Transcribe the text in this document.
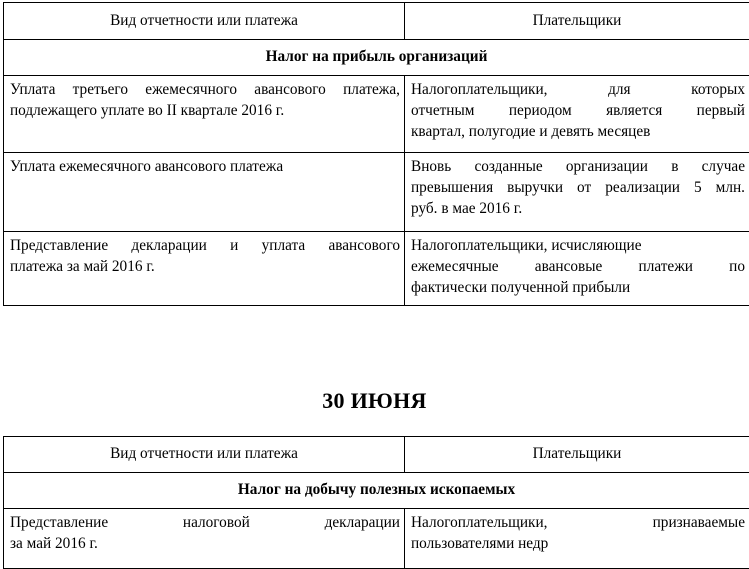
Вид отчетности или платежа	Плательщики
Налог на прибыль организаций	

Уплата третьего ежемесячного авансового платежа,
подлежащего уплате во II квартале 2016 г.	Налогоплательщики, для которых
отчетным периодом является первый
квартал, полугодие и девять месяцев

Уплата ежемесячного авансового платежа	Вновь созданные организации в случае
превышения выручки от реализации 5 млн.
руб. в мае 2016 г.

Представление декларации и уплата авансового
платежа за май 2016 г.	Налогоплательщики, исчисляющие
ежемесячные авансовые платежи по
фактически полученной прибыли
30 ИЮНЯ
Вид отчетности или платежа	Плательщики
Налог на добычу полезных ископаемых	

Представление налоговой декларации
за май 2016 г.	Налогоплательщики, признаваемые
пользователями недр
